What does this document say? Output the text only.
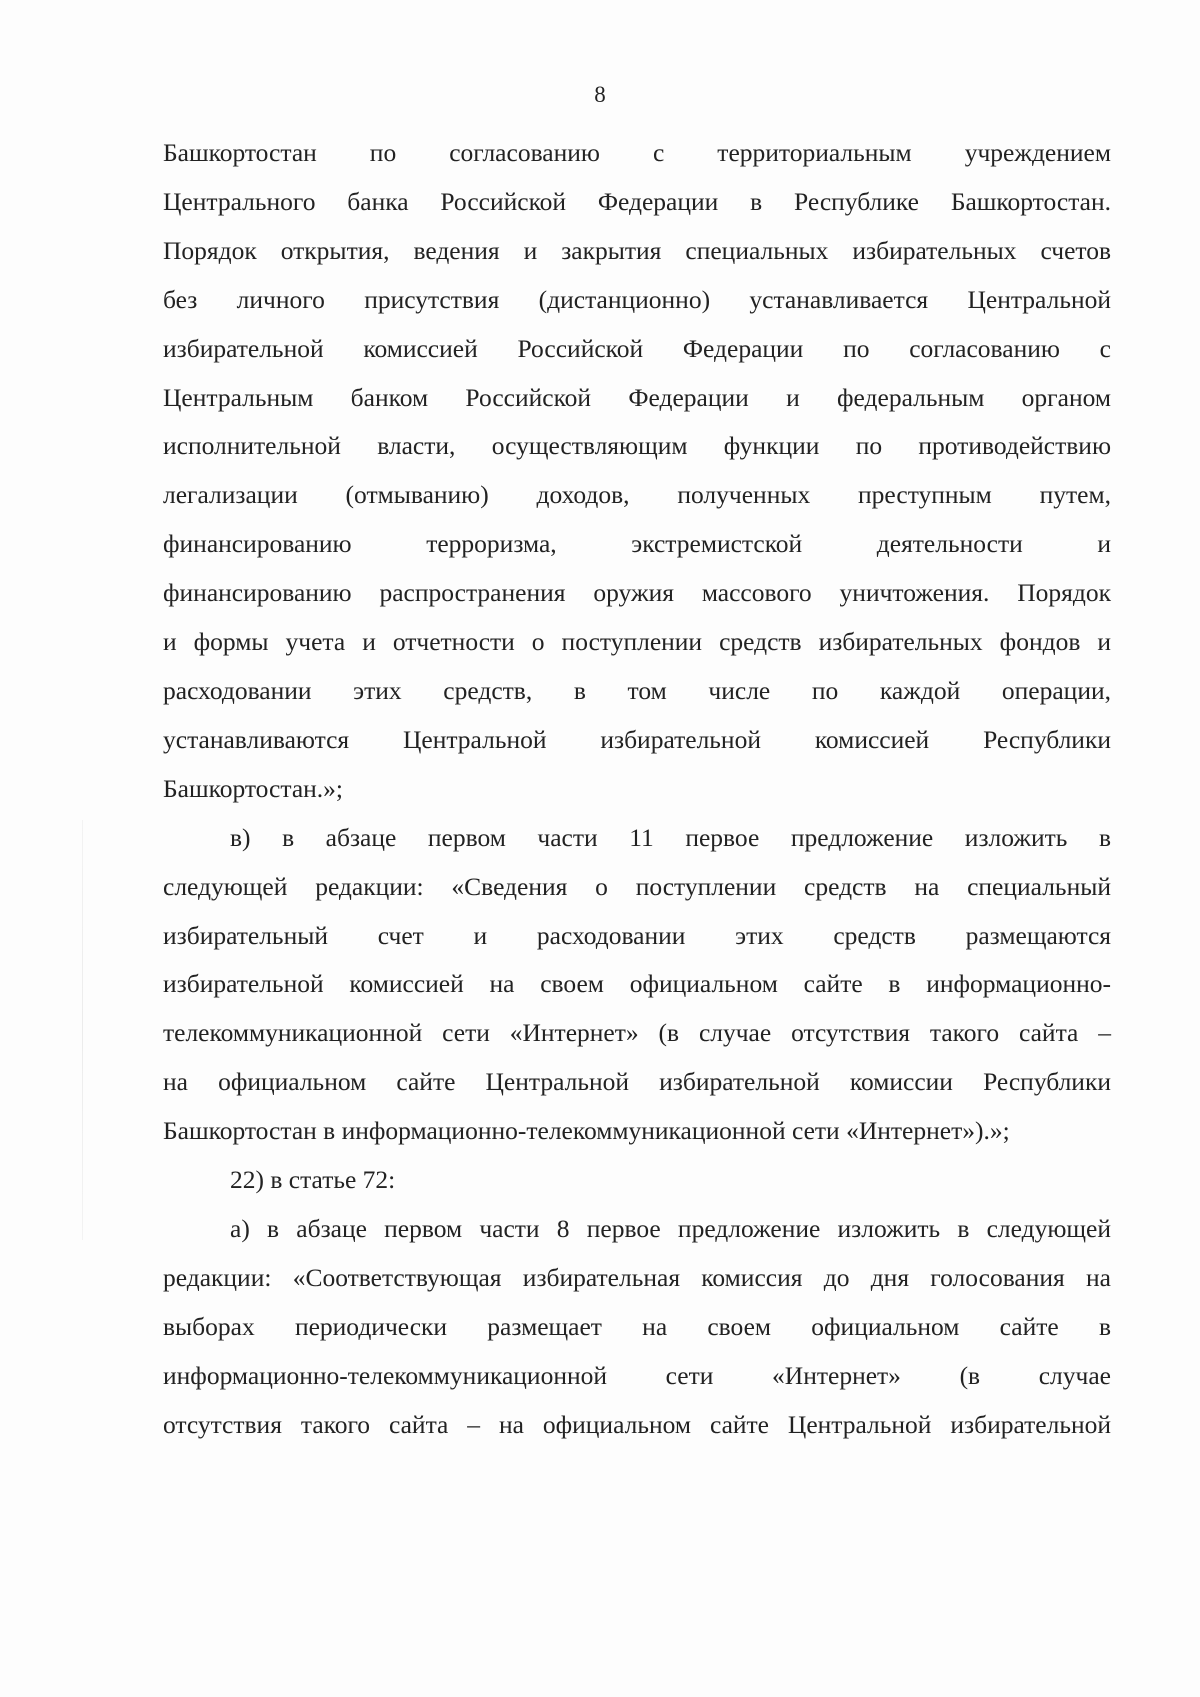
8
Башкортостан по согласованию с территориальным учреждением
Центрального банка Российской Федерации в Республике Башкортостан.
Порядок открытия, ведения и закрытия специальных избирательных счетов
без личного присутствия (дистанционно) устанавливается Центральной
избирательной комиссией Российской Федерации по согласованию с
Центральным банком Российской Федерации и федеральным органом
исполнительной власти, осуществляющим функции по противодействию
легализации (отмыванию) доходов, полученных преступным путем,
финансированию терроризма, экстремистской деятельности и
финансированию распространения оружия массового уничтожения. Порядок
и формы учета и отчетности о поступлении средств избирательных фондов и
расходовании этих средств, в том числе по каждой операции,
устанавливаются Центральной избирательной комиссией Республики
Башкортостан.»;
в) в абзаце первом части 11 первое предложение изложить в
следующей редакции: «Сведения о поступлении средств на специальный
избирательный счет и расходовании этих средств размещаются
избирательной комиссией на своем официальном сайте в информационно-
телекоммуникационной сети «Интернет» (в случае отсутствия такого сайта –
на официальном сайте Центральной избирательной комиссии Республики
Башкортостан в информационно-телекоммуникационной сети «Интернет»).»;
22) в статье 72:
а) в абзаце первом части 8 первое предложение изложить в следующей
редакции: «Соответствующая избирательная комиссия до дня голосования на
выборах периодически размещает на своем официальном сайте в
информационно-телекоммуникационной сети «Интернет» (в случае
отсутствия такого сайта – на официальном сайте Центральной избирательной
